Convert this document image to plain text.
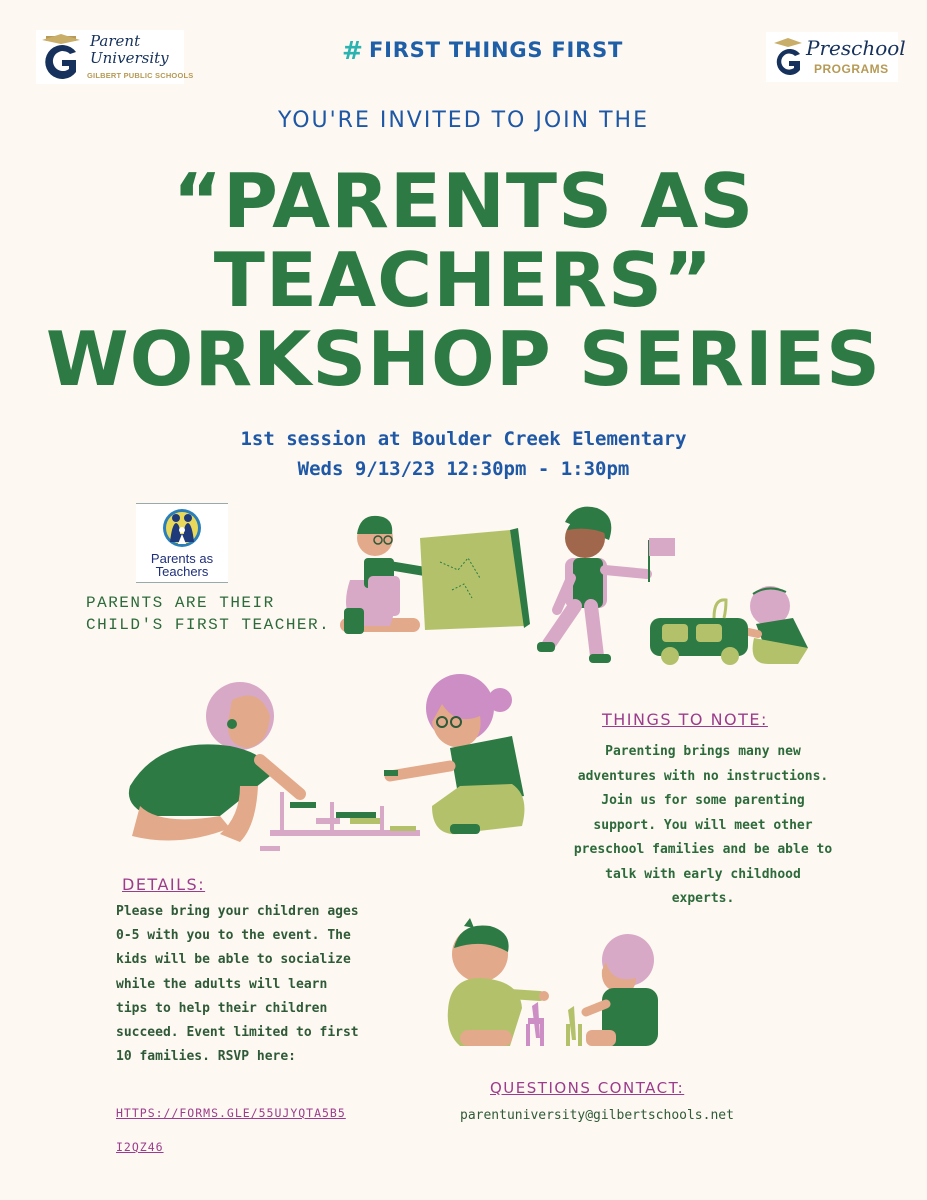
Parent
University
GILBERT PUBLIC SCHOOLS
# FIRST THINGS FIRST	Preschool
PROGRAMS
YOU'RE INVITED TO JOIN THE
“PARENTS AS
TEACHERS”
WORKSHOP SERIES
1st session at Boulder Creek Elementary
Weds 9/13/23 12:30pm - 1:30pm
Parents as
Teachers
PARENTS ARE THEIR CHILD'S FIRST TEACHER.
THINGS TO NOTE:
Parenting brings many new adventures with no instructions. Join us for some parenting support. You will meet other preschool families and be able to talk with early childhood experts.
DETAILS:
Please bring your children ages 0-5 with you to the event. The kids will be able to socialize while the adults will learn tips to help their children succeed. Event limited to first 10 families. RSVP here:
HTTPS://FORMS.GLE/55UJYQTA5B5I2QZ46
QUESTIONS CONTACT:
parentuniversity@gilbertschools.net
